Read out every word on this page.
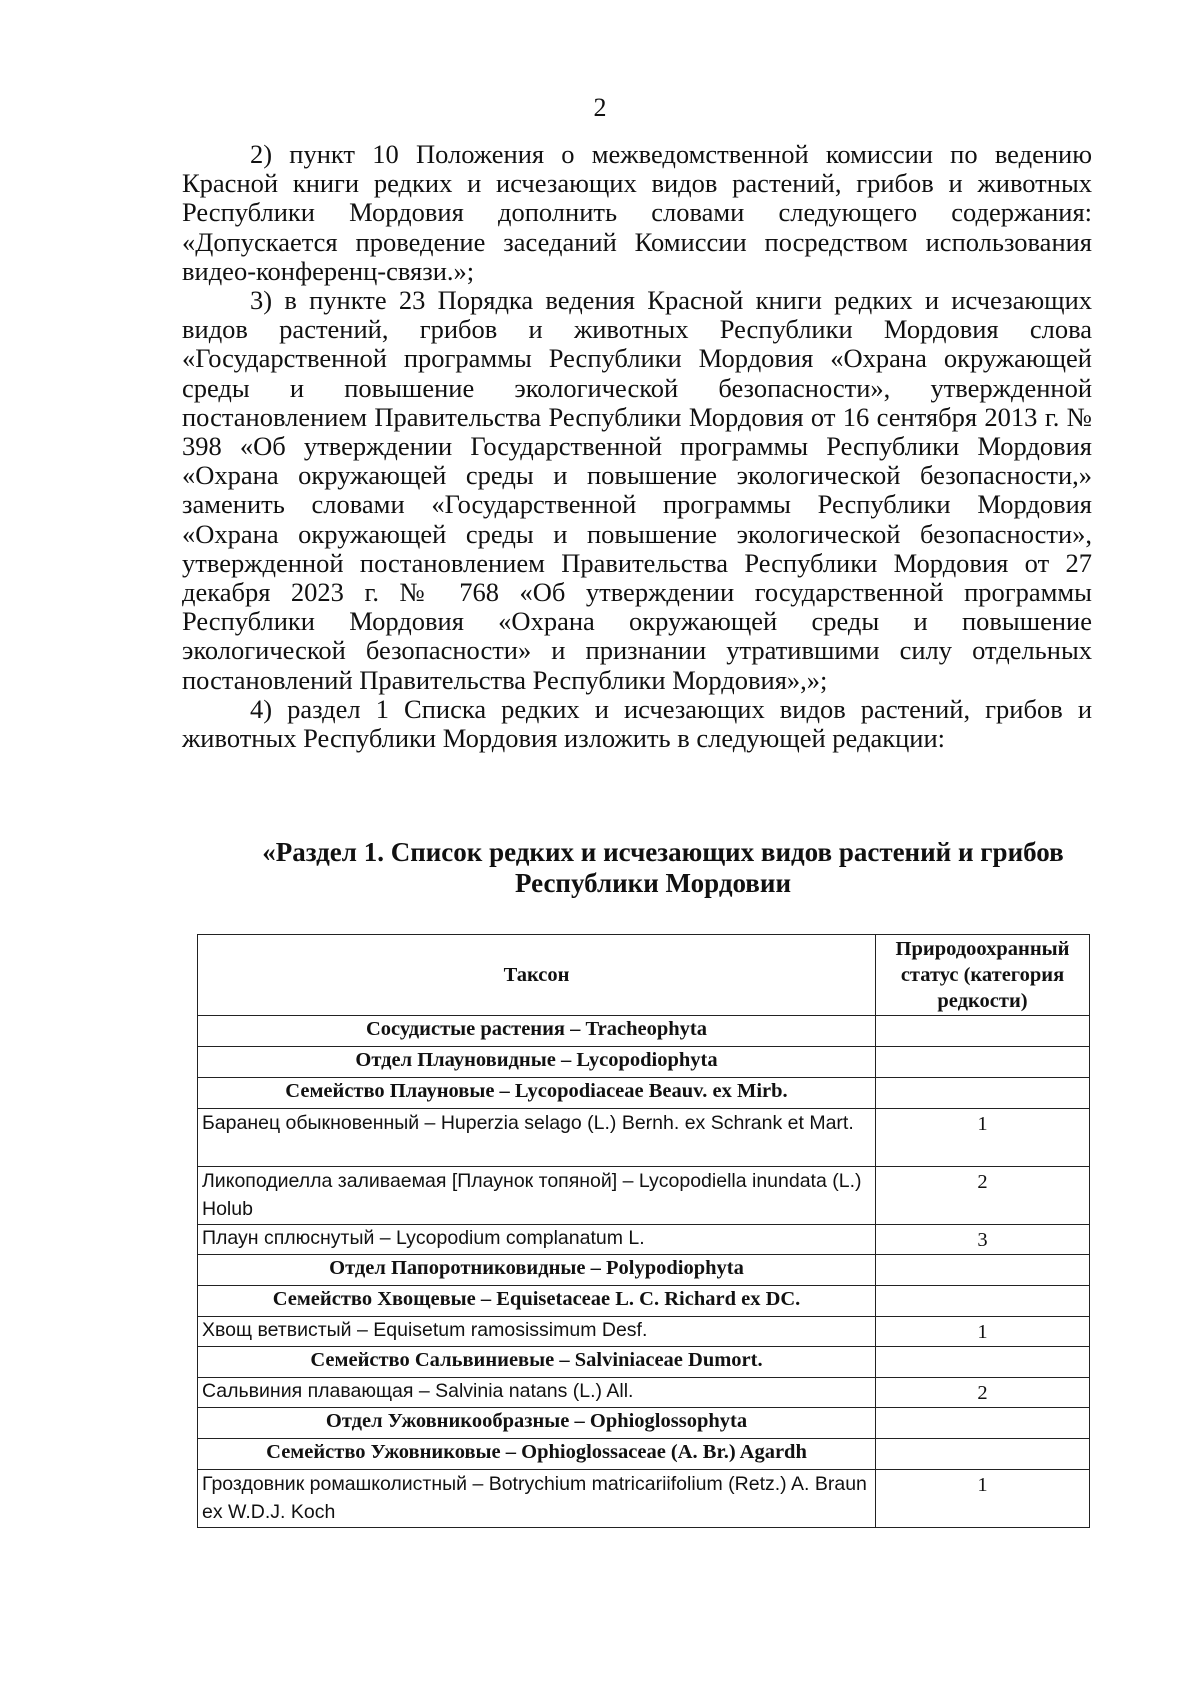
2

2) пункт 10 Положения о межведомственной комиссии по ведению Красной книги редких и исчезающих видов растений, грибов и животных Республики Мордовия дополнить словами следующего содержания: «Допускается проведение заседаний Комиссии посредством использования видео-конференц-связи.»;

3) в пункте 23 Порядка ведения Красной книги редких и исчезающих видов растений, грибов и животных Республики Мордовия слова «Государственной программы Республики Мордовия «Охрана окружающей среды и повышение экологической безопасности», утвержденной постановлением Правительства Республики Мордовия от 16 сентября 2013 г. № 398 «Об утверждении Государственной программы Республики Мордовия «Охрана окружающей среды и повышение экологической безопасности,» заменить словами «Государственной программы Республики Мордовия «Охрана окружающей среды и повышение экологической безопасности», утвержденной постановлением Правительства Республики Мордовия от 27 декабря 2023 г. № 768 «Об утверждении государственной программы Республики Мордовия «Охрана окружающей среды и повышение экологической безопасности» и признании утратившими силу отдельных постановлений Правительства Республики Мордовия»,»;

4) раздел 1 Списка редких и исчезающих видов растений, грибов и животных Республики Мордовия изложить в следующей редакции:

«Раздел 1. Список редких и исчезающих видов растений и грибов
Республики Мордовии
Таксон	Природоохранный статус (категория редкости)
Сосудистые растения – Tracheophyta	
Отдел Плауновидные – Lycopodiophyta	
Семейство Плауновые – Lycopodiaceae Beauv. ex Mirb.	
Баранец обыкновенный – Huperzia selago (L.) Bernh. ex Schrank et Mart.	1
Ликоподиелла заливаемая [Плаунок топяной] – Lycopodiella inundata (L.) Holub	2
Плаун сплюснутый – Lycopodium complanatum L.	3
Отдел Папоротниковидные – Polypodiophyta	
Семейство Хвощевые – Equisetaceae L. C. Richard ex DC.	
Хвощ ветвистый – Equisetum ramosissimum Desf.	1
Семейство Сальвиниевые – Salviniaceae Dumort.	
Сальвиния плавающая – Salvinia natans (L.) All.	2
Отдел Ужовникообразные – Ophioglossophyta	
Семейство Ужовниковые – Ophioglossaceae (A. Br.) Agardh	
Гроздовник ромашколистный – Botrychium matricariifolium (Retz.) A. Braun ex W.D.J. Koch	1
